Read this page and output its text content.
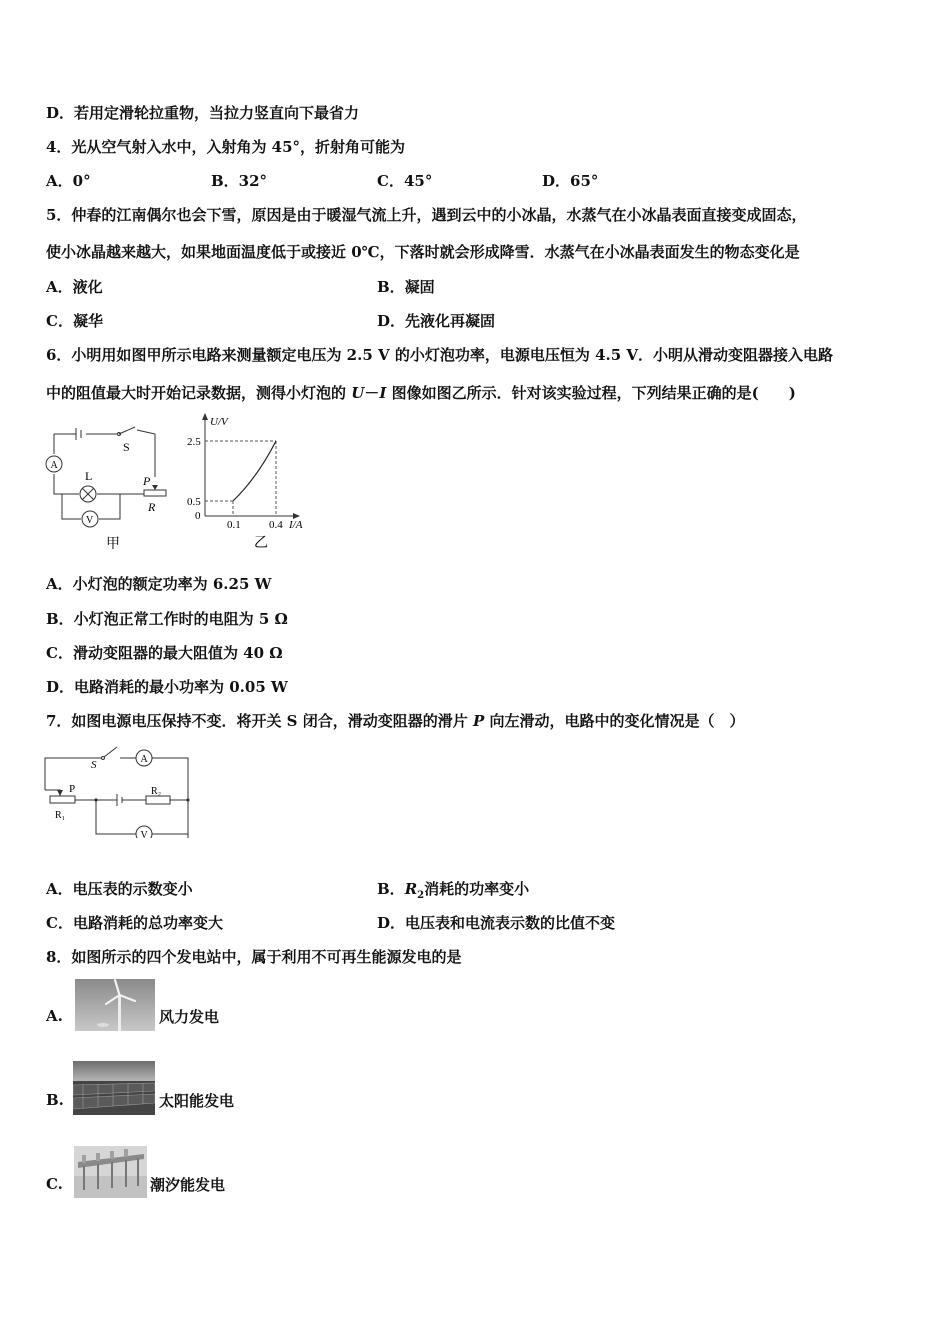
D．若用定滑轮拉重物，当拉力竖直向下最省力
4．光从空气射入水中，入射角为 45°，折射角可能为
A．0°	B．32°	C．45°	D．65°
5．仲春的江南偶尔也会下雪，原因是由于暖湿气流上升，遇到云中的小冰晶，水蒸气在小冰晶表面直接变成固态，
使小冰晶越来越大，如果地面温度低于或接近 0℃，下落时就会形成降雪．水蒸气在小冰晶表面发生的物态变化是
A．液化	B．凝固
C．凝华	D．先液化再凝固
6．小明用如图甲所示电路来测量额定电压为 2.5 V 的小灯泡功率，电源电压恒为 4.5 V．小明从滑动变阻器接入电路
中的阻值最大时开始记录数据，测得小灯泡的 U－I 图像如图乙所示．针对该实验过程，下列结果正确的是(　　)
A
V
S
L	P
R
甲
U/V
2.5
0.5
0
0.1	0.4 I/A
乙
A．小灯泡的额定功率为 6.25 W
B．小灯泡正常工作时的电阻为 5 Ω
C．滑动变阻器的最大阻值为 40 Ω
D．电路消耗的最小功率为 0.05 W
7．如图电源电压保持不变．将开关 S 闭合，滑动变阻器的滑片 P 向左滑动，电路中的变化情况是（　）
S	A
V
P
R₁
R₂
A．电压表的示数变小	B．$R_2$消耗的功率变小
C．电路消耗的总功率变大	D．电压表和电流表示数的比值不变
8．如图所示的四个发电站中，属于利用不可再生能源发电的是
A.	风力发电
B.	太阳能发电
C.	潮汐能发电
